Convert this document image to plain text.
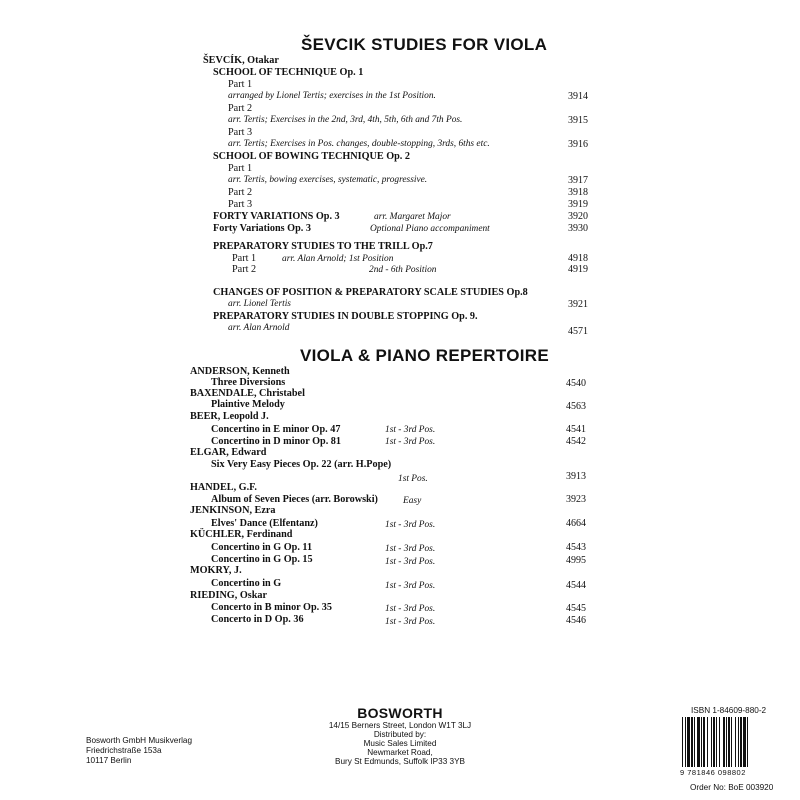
ŠEVCIK STUDIES FOR VIOLA
ŠEVCÍK, Otakar
SCHOOL OF TECHNIQUE Op. 1
Part 1
arranged by Lionel Tertis; exercises in the 1st Position.	3914
Part 2
arr. Tertis; Exercises in the 2nd, 3rd, 4th, 5th, 6th and 7th Pos.	3915
Part 3
arr. Tertis; Exercises in Pos. changes, double-stopping, 3rds, 6ths etc.	3916
SCHOOL OF BOWING TECHNIQUE Op. 2
Part 1
arr. Tertis, bowing exercises, systematic, progressive.	3917
Part 2	3918
Part 3	3919
FORTY VARIATIONS Op. 3	arr. Margaret Major	3920
Forty Variations Op. 3	Optional Piano accompaniment	3930
PREPARATORY STUDIES TO THE TRILL Op.7
Part 1	arr. Alan Arnold; 1st Position	4918
Part 2	2nd - 6th Position	4919
CHANGES OF POSITION & PREPARATORY SCALE STUDIES Op.8
arr. Lionel Tertis	3921
PREPARATORY STUDIES IN DOUBLE STOPPING Op. 9.
arr. Alan Arnold	4571
VIOLA & PIANO REPERTOIRE
ANDERSON, Kenneth
Three Diversions	4540
BAXENDALE, Christabel
Plaintive Melody	4563
BEER, Leopold J.
Concertino in E minor Op. 47	1st - 3rd Pos.	4541
Concertino in D minor Op. 81	1st - 3rd Pos.	4542
ELGAR, Edward
Six Very Easy Pieces Op. 22 (arr. H.Pope)
1st Pos.	3913
HANDEL, G.F.
Album of Seven Pieces (arr. Borowski)	Easy	3923
JENKINSON, Ezra
Elves' Dance (Elfentanz)	1st - 3rd Pos.	4664
KÜCHLER, Ferdinand
Concertino in G Op. 11	1st - 3rd Pos.	4543
Concertino in G Op. 15	1st - 3rd Pos.	4995
MOKRY, J.
Concertino in G	1st - 3rd Pos.	4544
RIEDING, Oskar
Concerto in B minor Op. 35	1st - 3rd Pos.	4545
Concerto in D Op. 36	1st - 3rd Pos.	4546
BOSWORTH
14/15 Berners Street, London W1T 3LJ
Distributed by:
Music Sales Limited
Newmarket Road,
Bury St Edmunds, Suffolk IP33 3YB
Bosworth GmbH Musikverlag
Friedrichstraße 153a
10117 Berlin
ISBN 1-84609-880-2
9 781846 098802
Order No: BoE 003920
